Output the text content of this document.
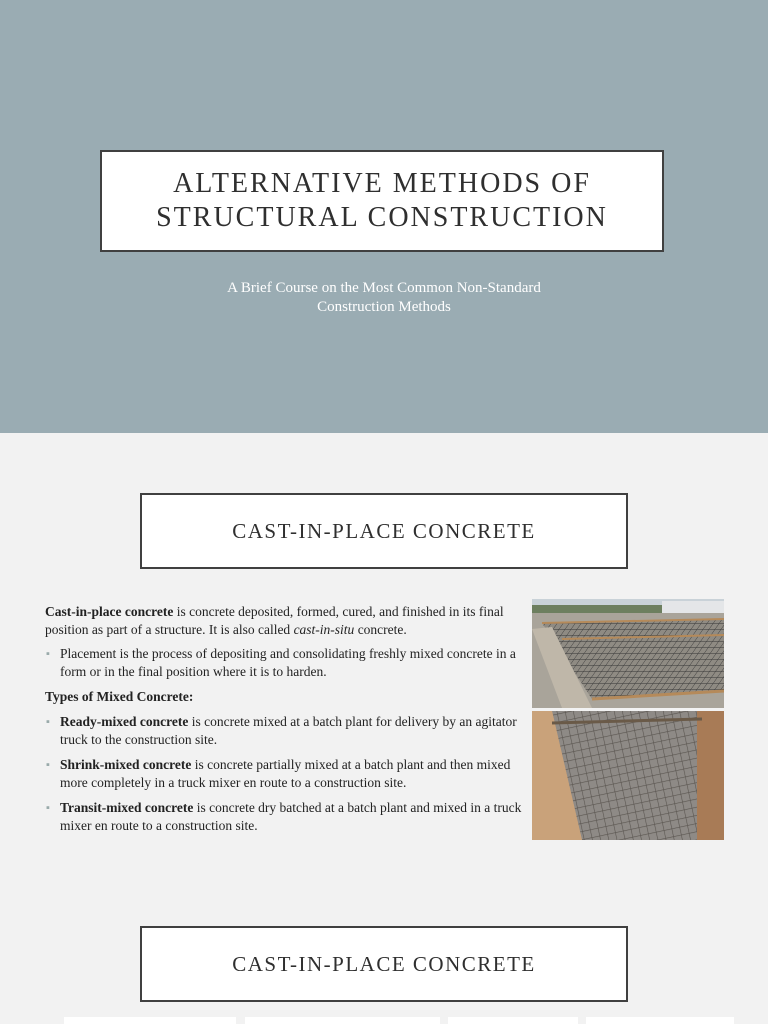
ALTERNATIVE METHODS OF
STRUCTURAL CONSTRUCTION
A Brief Course on the Most Common Non-Standard
Construction Methods
CAST-IN-PLACE CONCRETE

Cast-in-place concrete is concrete deposited, formed, cured, and finished in its final position as part of a structure. It is also called cast-in-situ concrete.

▪ Placement is the process of depositing and consolidating freshly mixed concrete in a form or in the final position where it is to harden.
Types of Mixed Concrete:
▪ Ready-mixed concrete is concrete mixed at a batch plant for delivery by an agitator truck to the construction site.
▪ Shrink-mixed concrete is concrete partially mixed at a batch plant and then mixed more completely in a truck mixer en route to a construction site.
▪ Transit-mixed concrete is concrete dry batched at a batch plant and mixed in a truck mixer en route to a construction site.
CAST-IN-PLACE CONCRETE
